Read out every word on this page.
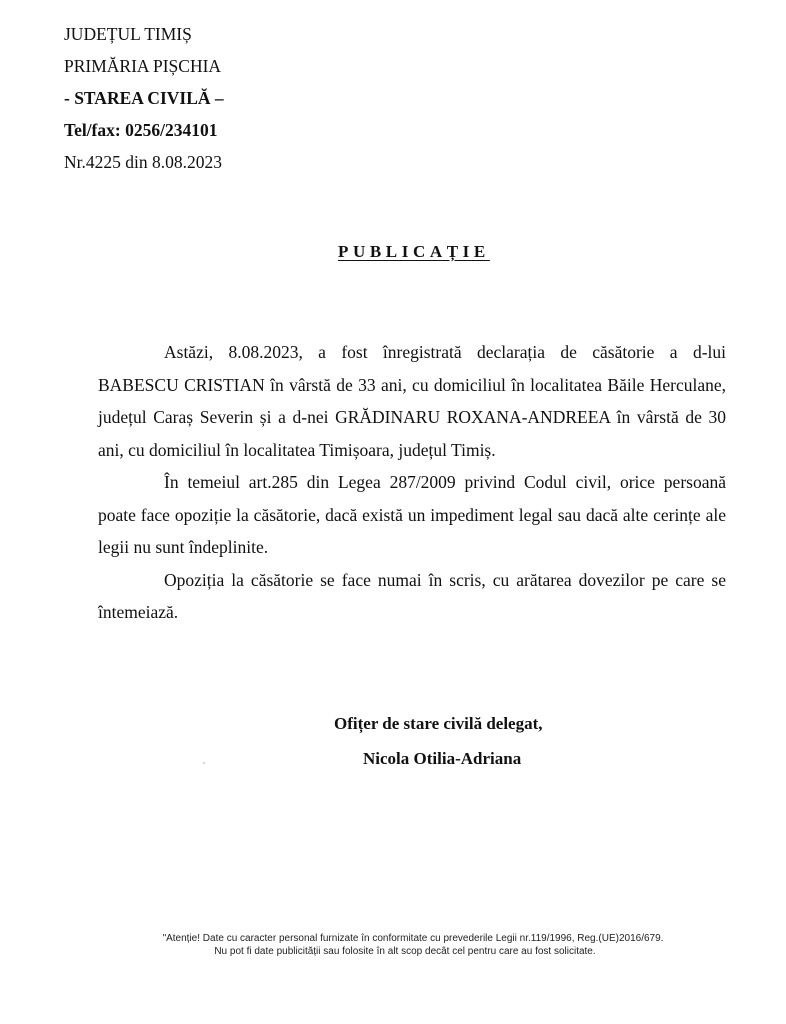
JUDEȚUL TIMIȘ
PRIMĂRIA PIȘCHIA
- STAREA CIVILĂ –
Tel/fax: 0256/234101
Nr.4225 din 8.08.2023
PUBLICAȚIE
Astăzi, 8.08.2023, a fost înregistrată declarația de căsătorie a d-lui
BABESCU CRISTIAN în vârstă de 33 ani, cu domiciliul în localitatea Băile Herculane,
județul Caraș Severin și a d-nei GRĂDINARU ROXANA-ANDREEA în vârstă de 30
ani, cu domiciliul în localitatea Timișoara, județul Timiș.
În temeiul art.285 din Legea 287/2009 privind Codul civil, orice persoană
poate face opoziție la căsătorie, dacă există un impediment legal sau dacă alte cerințe ale
legii nu sunt îndeplinite.
Opoziția la căsătorie se face numai în scris, cu arătarea dovezilor pe care se
întemeiază.
Ofițer de stare civilă delegat,
Nicola Otilia-Adriana
"Atenție! Date cu caracter personal furnizate în conformitate cu prevederile Legii nr.119/1996, Reg.(UE)2016/679.
Nu pot fi date publicității sau folosite în alt scop decât cel pentru care au fost solicitate.
